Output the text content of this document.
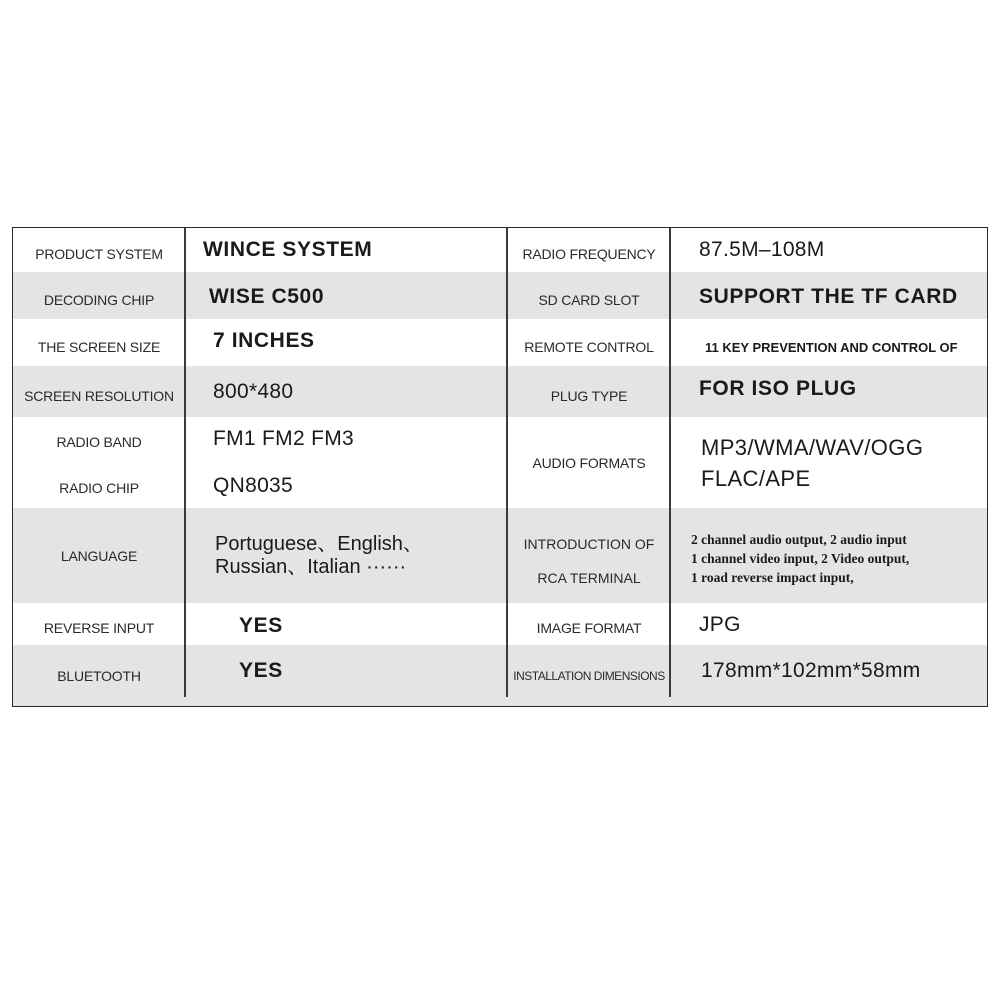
PRODUCT SYSTEM
DECODING CHIP
THE SCREEN SIZE
SCREEN RESOLUTION
RADIO BAND
RADIO CHIP
LANGUAGE
REVERSE INPUT
BLUETOOTH
WINCE SYSTEM
WISE C500
7 INCHES
800*480
FM1 FM2 FM3
QN8035
Portuguese、English、
Russian、Italian ······
YES
YES
RADIO FREQUENCY
SD CARD SLOT
REMOTE CONTROL
PLUG TYPE
AUDIO FORMATS
INTRODUCTION OF
RCA TERMINAL
IMAGE FORMAT
INSTALLATION DIMENSIONS
87.5M–108M
SUPPORT THE TF CARD
11 KEY PREVENTION AND CONTROL OF
FOR ISO PLUG
MP3/WMA/WAV/OGG
FLAC/APE
2 channel audio output, 2 audio input
1 channel video input, 2 Video output,
1 road reverse impact input,
JPG
178mm*102mm*58mm
